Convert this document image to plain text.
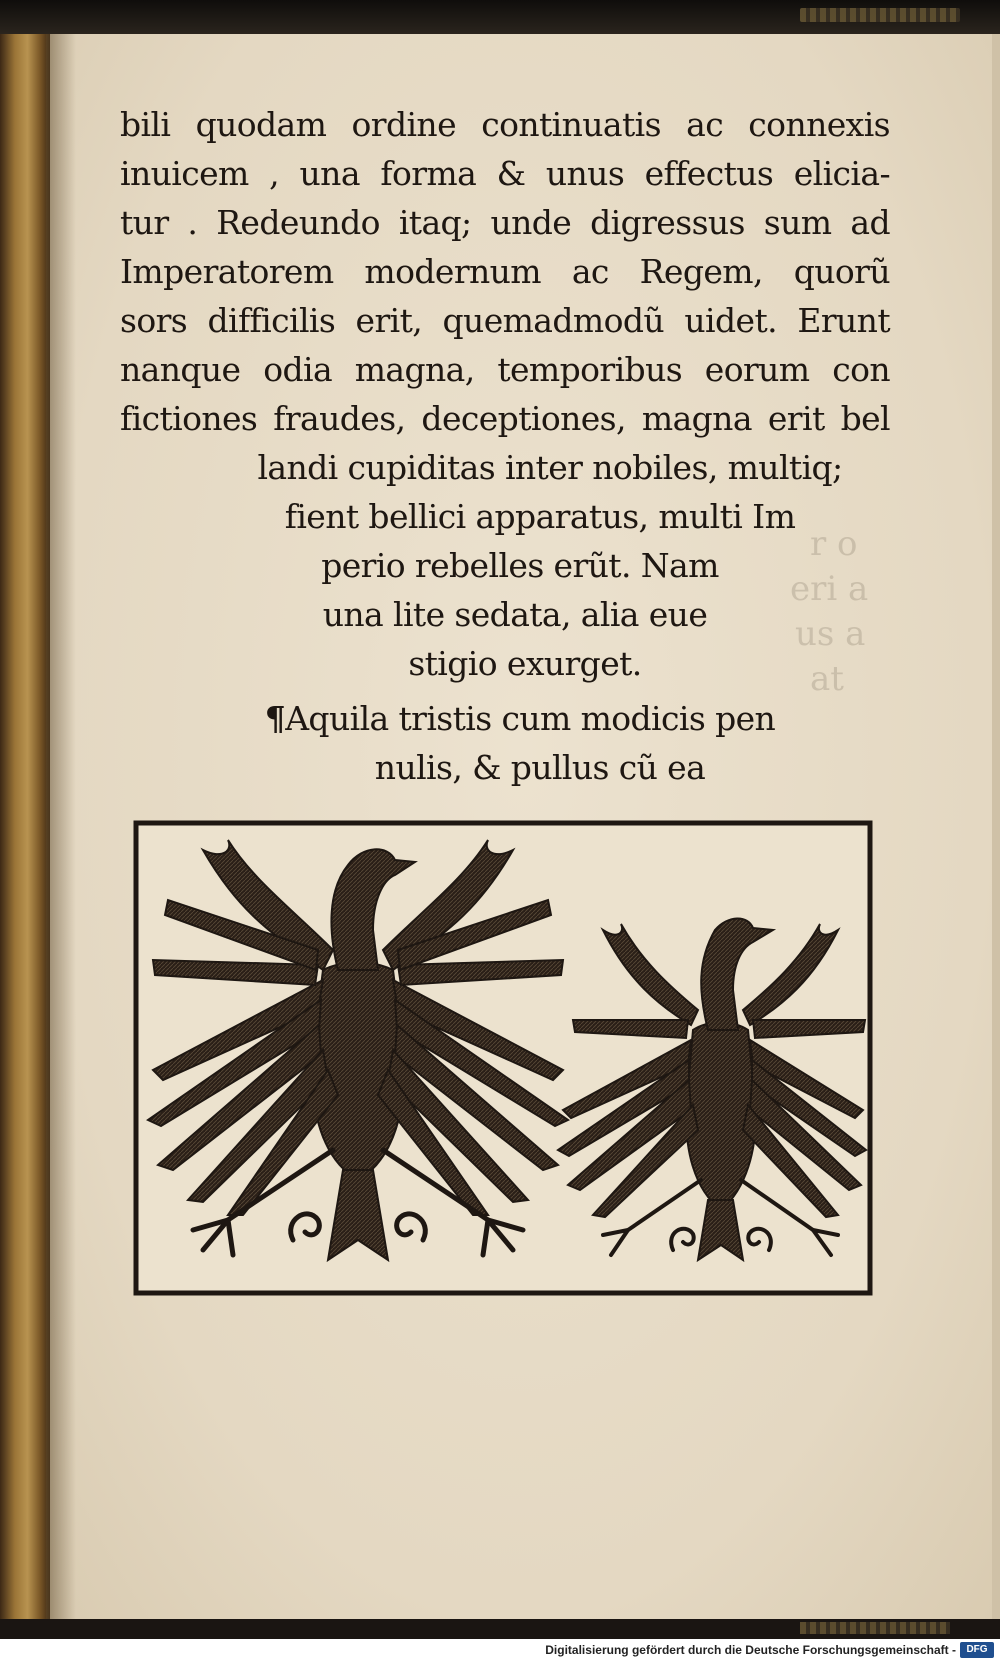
r o
eri a
us a
at
bili quodam ordine continuatis ac connexis
inuicem , una forma & unus effectus elicia-
tur . Redeundo itaq; unde digressus sum ad
Imperatorem modernum ac Regem, quorũ
sors difficilis erit, quemadmodũ uidet. Erunt
nanque odia magna, temporibus eorum con
fictiones fraudes, deceptiones, magna erit bel
landi cupiditas inter nobiles, multiq;
fient bellici apparatus, multi Im
perio rebelles erũt. Nam
una lite sedata, alia eue
stigio exurget.
¶Aquila tristis cum modicis pen
nulis, & pullus cũ ea
Digitalisierung gefördert durch die Deutsche Forschungsgemeinschaft -	DFG
